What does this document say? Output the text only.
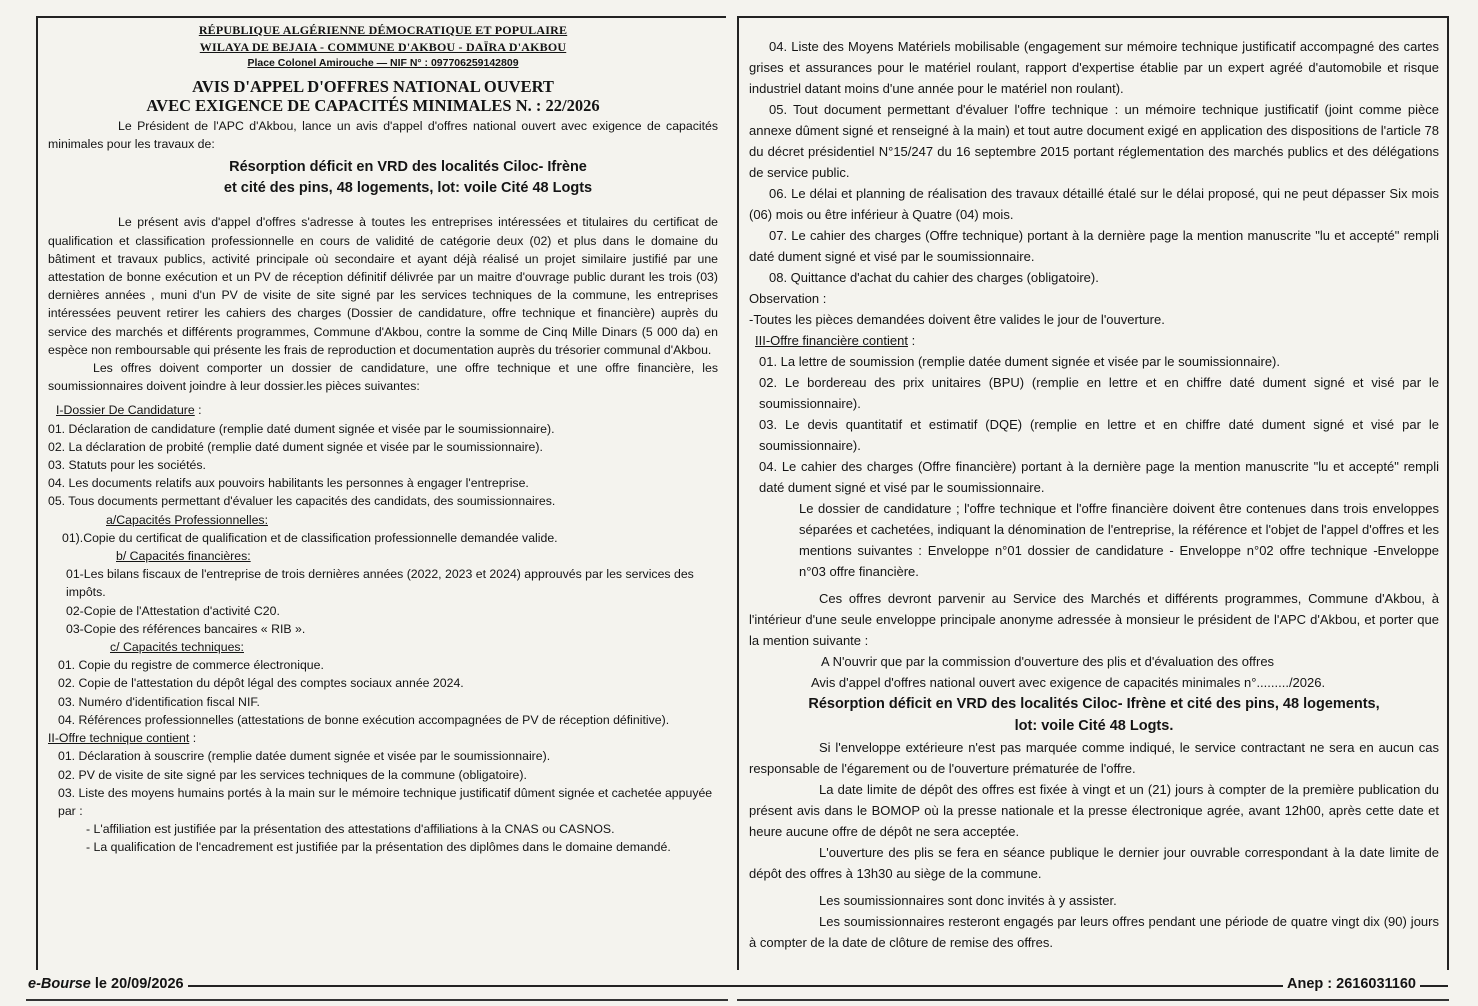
RÉPUBLIQUE ALGÉRIENNE DÉMOCRATIQUE ET POPULAIRE
WILAYA DE BEJAIA - COMMUNE D'AKBOU - DAÏRA D'AKBOU
Place Colonel Amirouche — NIF N° : 097706259142809
AVIS D'APPEL D'OFFRES NATIONAL OUVERT
AVEC EXIGENCE DE CAPACITÉS MINIMALES N. : 22/2026

Le Président de l'APC d'Akbou, lance un avis d'appel d'offres national ouvert avec exigence de capacités minimales pour les travaux de:

Résorption déficit en VRD des localités Ciloc- Ifrène
et cité des pins, 48 logements, lot: voile Cité 48 Logts

Le présent avis d'appel d'offres s'adresse à toutes les entreprises intéressées et titulaires du certificat de qualification et classification professionnelle en cours de validité de catégorie deux (02) et plus dans le domaine du bâtiment et travaux publics, activité principale où secondaire et ayant déjà réalisé un projet similaire justifié par une attestation de bonne exécution et un PV de réception définitif délivrée par un maitre d'ouvrage public durant les trois (03) dernières années , muni d'un PV de visite de site signé par les services techniques de la commune, les entreprises intéressées peuvent retirer les cahiers des charges (Dossier de candidature, offre technique et financière) auprès du service des marchés et différents programmes, Commune d'Akbou, contre la somme de Cinq Mille Dinars (5 000 da) en espèce non remboursable qui présente les frais de reproduction et documentation auprès du trésorier communal d'Akbou.

Les offres doivent comporter un dossier de candidature, une offre technique et une offre financière, les soumissionnaires doivent joindre à leur dossier.les pièces suivantes:

I-Dossier De Candidature :

01. Déclaration de candidature (remplie daté dument signée et visée par le soumissionnaire).

02. La déclaration de probité (remplie daté dument signée et visée par le soumissionnaire).

03. Statuts pour les sociétés.

04. Les documents relatifs aux pouvoirs habilitants les personnes à engager l'entreprise.

05. Tous documents permettant d'évaluer les capacités des candidats, des soumissionnaires.

a/Capacités Professionnelles:

01).Copie du certificat de qualification et de classification professionnelle demandée valide.

b/ Capacités financières:

01-Les bilans fiscaux de l'entreprise de trois dernières années (2022, 2023 et 2024) approuvés par les services des impôts.

02-Copie de l'Attestation d'activité C20.

03-Copie des références bancaires « RIB ».

c/ Capacités techniques:

01. Copie du registre de commerce électronique.

02. Copie de l'attestation du dépôt légal des comptes sociaux année 2024.

03. Numéro d'identification fiscal NIF.

04. Références professionnelles (attestations de bonne exécution accompagnées de PV de réception définitive).

II-Offre technique contient :

01. Déclaration à souscrire (remplie datée dument signée et visée par le soumissionnaire).

02. PV de visite de site signé par les services techniques de la commune (obligatoire).

03. Liste des moyens humains portés à la main sur le mémoire technique justificatif dûment signée et cachetée appuyée par :

- L'affiliation est justifiée par la présentation des attestations d'affiliations à la CNAS ou CASNOS.

- La qualification de l'encadrement est justifiée par la présentation des diplômes dans le domaine demandé.

04. Liste des Moyens Matériels mobilisable (engagement sur mémoire technique justificatif accompagné des cartes grises et assurances pour le matériel roulant, rapport d'expertise établie par un expert agréé d'automobile et risque industriel datant moins d'une année pour le matériel non roulant).

05. Tout document permettant d'évaluer l'offre technique : un mémoire technique justificatif (joint comme pièce annexe dûment signé et renseigné à la main) et tout autre document exigé en application des dispositions de l'article 78 du décret présidentiel N°15/247 du 16 septembre 2015 portant réglementation des marchés publics et des délégations de service public.

06. Le délai et planning de réalisation des travaux détaillé étalé sur le délai proposé, qui ne peut dépasser Six mois (06) mois ou être inférieur à Quatre (04) mois.

07. Le cahier des charges (Offre technique) portant à la dernière page la mention manuscrite "lu et accepté" rempli daté dument signé et visé par le soumissionnaire.

08. Quittance d'achat du cahier des charges (obligatoire).

Observation :

-Toutes les pièces demandées doivent être valides le jour de l'ouverture.

III-Offre financière contient :

01. La lettre de soumission (remplie datée dument signée et visée par le soumissionnaire).

02. Le bordereau des prix unitaires (BPU) (remplie en lettre et en chiffre daté dument signé et visé par le soumissionnaire).

03. Le devis quantitatif et estimatif (DQE) (remplie en lettre et en chiffre daté dument signé et visé par le soumissionnaire).

04. Le cahier des charges (Offre financière) portant à la dernière page la mention manuscrite "lu et accepté" rempli daté dument signé et visé par le soumissionnaire.

Le dossier de candidature ; l'offre technique et l'offre financière doivent être contenues dans trois enveloppes séparées et cachetées, indiquant la dénomination de l'entreprise, la référence et l'objet de l'appel d'offres et les mentions suivantes : Enveloppe n°01 dossier de candidature - Enveloppe n°02 offre technique -Enveloppe n°03 offre financière.

Ces offres devront parvenir au Service des Marchés et différents programmes, Commune d'Akbou, à l'intérieur d'une seule enveloppe principale anonyme adressée à monsieur le président de l'APC d'Akbou, et porter que la mention suivante :

A N'ouvrir que par la commission d'ouverture des plis et d'évaluation des offres

Avis d'appel d'offres national ouvert avec exigence de capacités minimales n°........./2026.

Résorption déficit en VRD des localités Ciloc- Ifrène et cité des pins, 48 logements,
lot: voile Cité 48 Logts.

Si l'enveloppe extérieure n'est pas marquée comme indiqué, le service contractant ne sera en aucun cas responsable de l'égarement ou de l'ouverture prématurée de l'offre.

La date limite de dépôt des offres est fixée à vingt et un (21) jours à compter de la première publication du présent avis dans le BOMOP où la presse nationale et la presse électronique agrée, avant 12h00, après cette date et heure aucune offre de dépôt ne sera acceptée.

L'ouverture des plis se fera en séance publique le dernier jour ouvrable correspondant à la date limite de dépôt des offres à 13h30 au siège de la commune.

Les soumissionnaires sont donc invités à y assister.

Les soumissionnaires resteront engagés par leurs offres pendant une période de quatre vingt dix (90) jours à compter de la date de clôture de remise des offres.

e-Bourse le 20/09/2026	Anep : 2616031160
